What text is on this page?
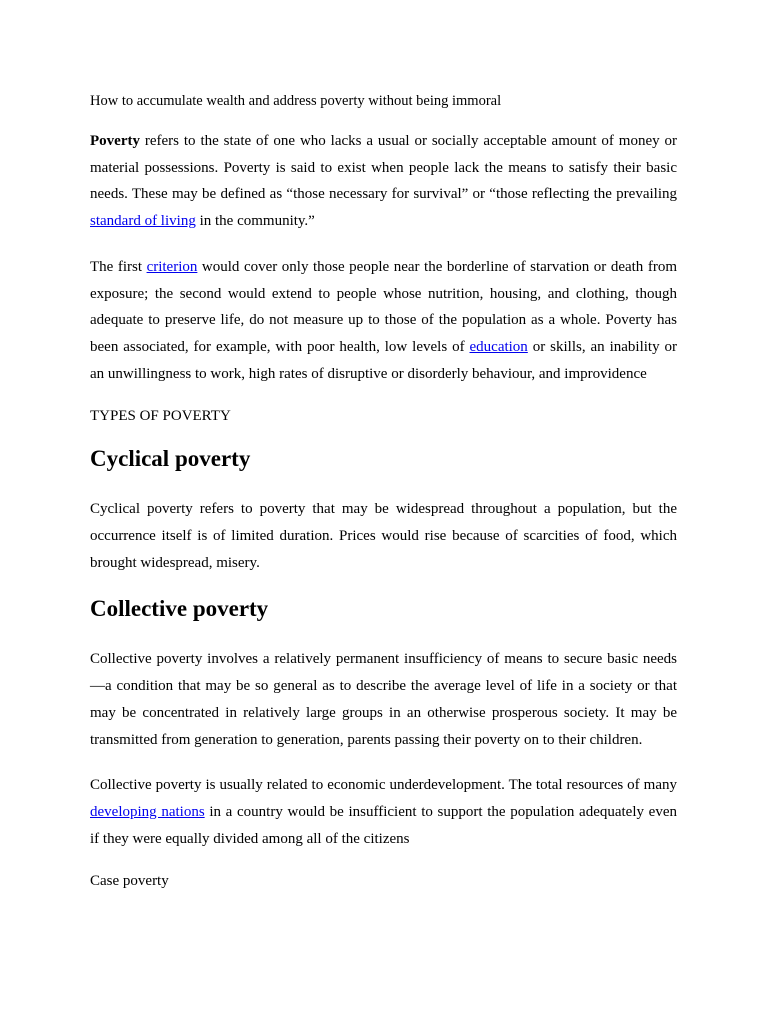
How to accumulate wealth and address poverty without being immoral

Poverty refers to the state of one who lacks a usual or socially acceptable amount of money or material possessions. Poverty is said to exist when people lack the means to satisfy their basic needs. These may be defined as “those necessary for survival” or “those reflecting the prevailing standard of living in the community.”

The first criterion would cover only those people near the borderline of starvation or death from exposure; the second would extend to people whose nutrition, housing, and clothing, though adequate to preserve life, do not measure up to those of the population as a whole. Poverty has been associated, for example, with poor health, low levels of education or skills, an inability or an unwillingness to work, high rates of disruptive or disorderly behaviour, and improvidence

TYPES OF POVERTY
Cyclical poverty

Cyclical poverty refers to poverty that may be widespread throughout a population, but the occurrence itself is of limited duration. Prices would rise because of scarcities of food, which brought widespread, misery.

Collective poverty

Collective poverty involves a relatively permanent insufficiency of means to secure basic needs—a condition that may be so general as to describe the average level of life in a society or that may be concentrated in relatively large groups in an otherwise prosperous society. It may be transmitted from generation to generation, parents passing their poverty on to their children.

Collective poverty is usually related to economic underdevelopment. The total resources of many developing nations in a country would be insufficient to support the population adequately even if they were equally divided among all of the citizens

Case poverty
